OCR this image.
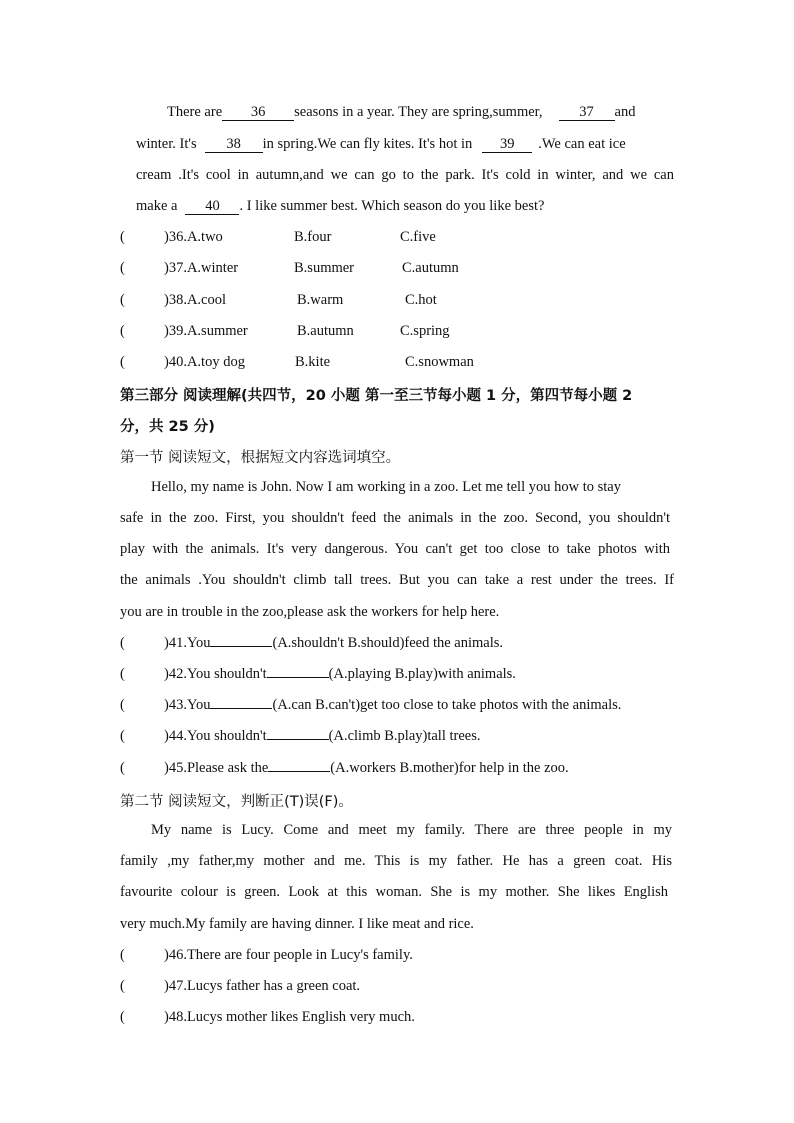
There are 36 seasons in a year. They are spring,summer,	37 and
winter. It's 38 in spring.We can fly kites. It's hot in 39 .We can eat ice
cream .It's cool in autumn,and we can go to the park. It's cold in winter, and we can
make a 40 . I like summer best. Which season do you like best?
(	)36.A.two	B.four	C.five
(	)37.A.winter	B.summer	C.autumn
(	)38.A.cool	B.warm	C.hot
(	)39.A.summer	B.autumn	C.spring
(	)40.A.toy dog	B.kite	C.snowman
第三部分 阅读理解(共四节，20 小题 第一至三节每小题 1 分，第四节每小题 2
分，共 25 分)
第一节 阅读短文，根据短文内容选词填空。
Hello, my name is John. Now I am working in a zoo. Let me tell you how to stay
safe in the zoo. First, you shouldn't feed the animals in the zoo. Second, you shouldn't
play with the animals. It's very dangerous. You can't get too close to take photos with
the animals .You shouldn't climb tall trees. But you can take a rest under the trees. If
you are in trouble in the zoo,please ask the workers for help here.
(	)41.You	(A.shouldn't B.should)feed the animals.
(	)42.You shouldn't	(A.playing B.play)with animals.
(	)43.You	(A.can B.can't)get too close to take photos with the animals.
(	)44.You shouldn't	(A.climb B.play)tall trees.
(	)45.Please ask the	(A.workers B.mother)for help in the zoo.
第二节 阅读短文，判断正(T)误(F)。
My name is Lucy. Come and meet my family. There are three people in my
family ,my father,my mother and me. This is my father. He has a green coat. His
favourite colour is green. Look at this woman. She is my mother. She likes English
very much.My family are having dinner. I like meat and rice.
(	)46.There are four people in Lucy's family.
(	)47.Lucys father has a green coat.
(	)48.Lucys mother likes English very much.
